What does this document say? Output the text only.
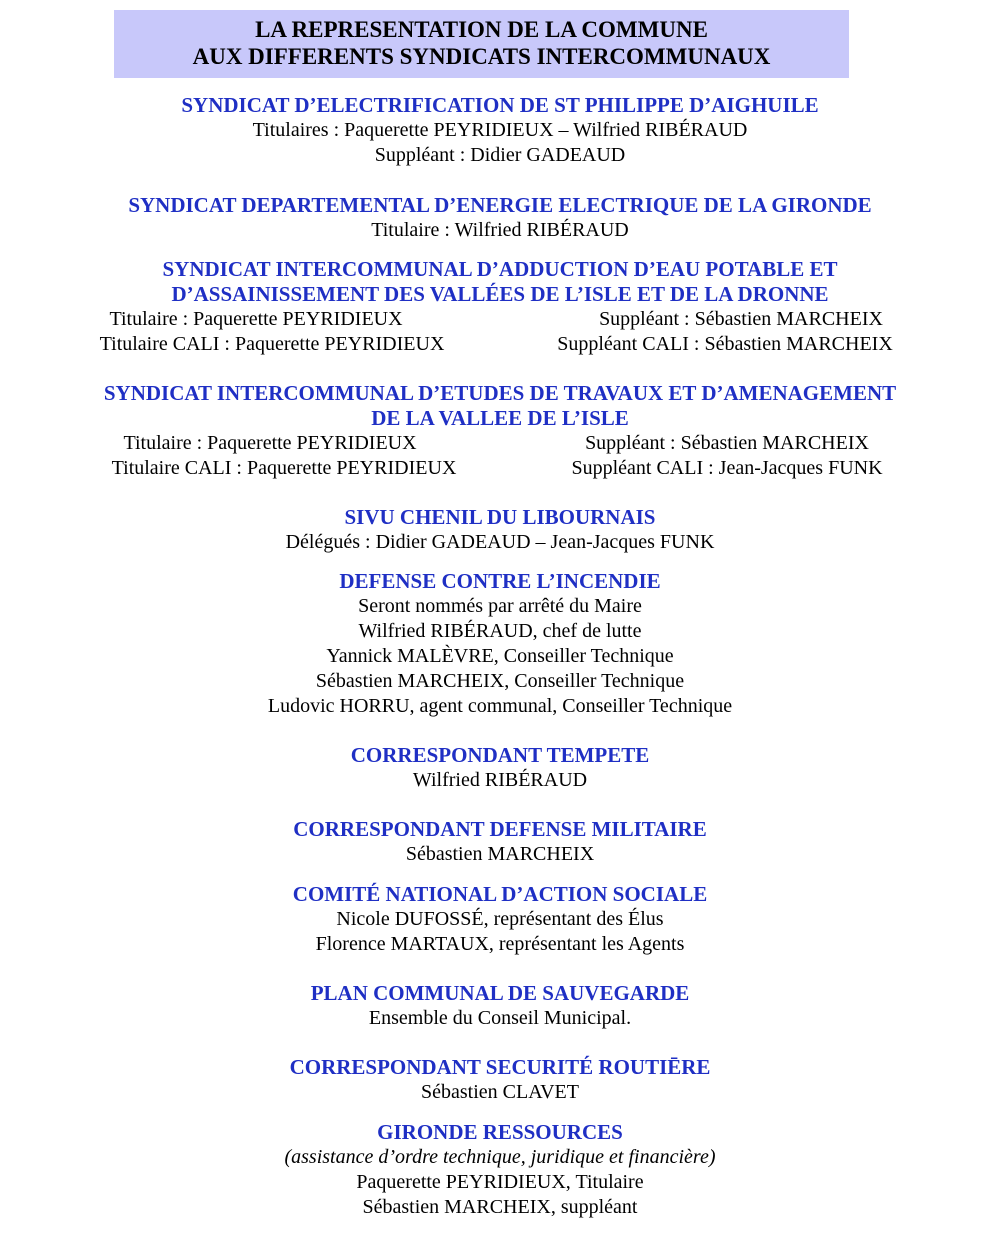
LA REPRESENTATION DE LA COMMUNE
AUX DIFFERENTS SYNDICATS INTERCOMMUNAUX
SYNDICAT D’ELECTRIFICATION DE ST PHILIPPE D’AIGHUILE
Titulaires : Paquerette PEYRIDIEUX – Wilfried RIBÉRAUD
Suppléant : Didier GADEAUD
SYNDICAT DEPARTEMENTAL D’ENERGIE ELECTRIQUE DE LA GIRONDE
Titulaire : Wilfried RIBÉRAUD
SYNDICAT INTERCOMMUNAL D’ADDUCTION D’EAU POTABLE ET
D’ASSAINISSEMENT DES VALLÉES DE L’ISLE ET DE LA DRONNE
Titulaire : Paquerette PEYRIDIEUX	Suppléant : Sébastien MARCHEIX
Titulaire CALI : Paquerette PEYRIDIEUX	Suppléant CALI : Sébastien MARCHEIX
SYNDICAT INTERCOMMUNAL D’ETUDES DE TRAVAUX ET D’AMENAGEMENT
DE LA VALLEE DE L’ISLE
Titulaire : Paquerette PEYRIDIEUX	Suppléant : Sébastien MARCHEIX
Titulaire CALI : Paquerette PEYRIDIEUX	Suppléant CALI : Jean-Jacques FUNK
SIVU CHENIL DU LIBOURNAIS
Délégués : Didier GADEAUD – Jean-Jacques FUNK
DEFENSE CONTRE L’INCENDIE
Seront nommés par arrêté du Maire
Wilfried RIBÉRAUD, chef de lutte
Yannick MALÈVRE, Conseiller Technique
Sébastien MARCHEIX, Conseiller Technique
Ludovic HORRU, agent communal, Conseiller Technique
CORRESPONDANT TEMPETE
Wilfried RIBÉRAUD
CORRESPONDANT DEFENSE MILITAIRE
Sébastien MARCHEIX
COMITÉ NATIONAL D’ACTION SOCIALE
Nicole DUFOSSÉ, représentant des Élus
Florence MARTAUX, représentant les Agents
PLAN COMMUNAL DE SAUVEGARDE
Ensemble du Conseil Municipal.
CORRESPONDANT SECURITÉ ROUTIĒRE
Sébastien CLAVET
GIRONDE RESSOURCES
(assistance d’ordre technique, juridique et financière)
Paquerette PEYRIDIEUX, Titulaire
Sébastien MARCHEIX, suppléant
